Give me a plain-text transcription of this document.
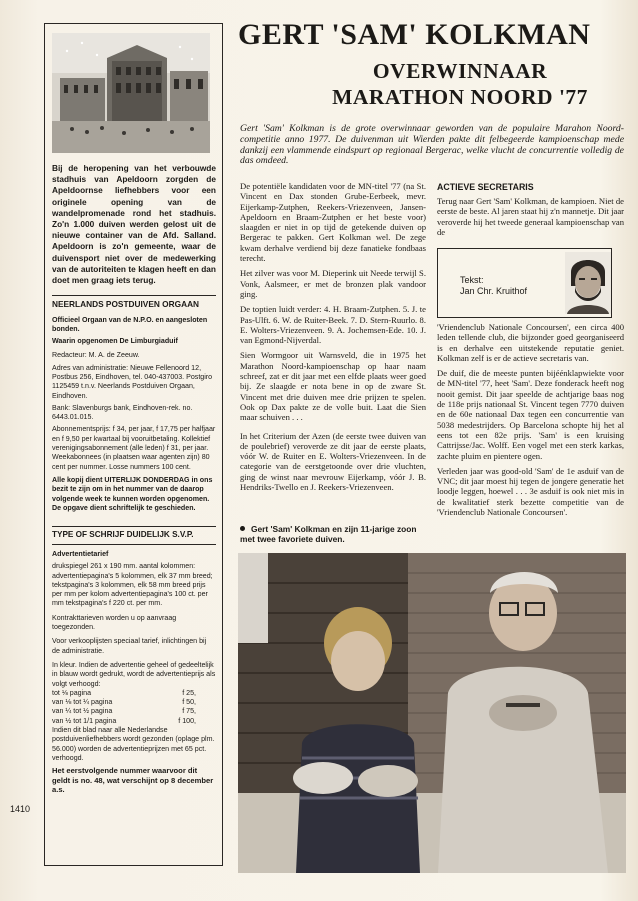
Bij de heropening van het verbouwde stadhuis van Apeldoorn zorgden de Apeldoornse liefhebbers voor een originele opening van de wandelpromenade rond het stadhuis. Zo'n 1.000 duiven werden gelost uit de nieuwe container van de Afd. Salland. Apeldoorn is zo'n gemeente, waar de duivensport niet over de medewerking van de autoriteiten te klagen heeft en dan doet men graag iets terug.
NEERLANDS POSTDUIVEN ORGAAN

Officieel Orgaan van de N.P.O. en aangesloten bonden.

Waarin opgenomen De Limburgiaduif

Redacteur: M. A. de Zeeuw.

Adres van administratie: Nieuwe Fellenoord 12, Postbus 256, Eindhoven, tel. 040-437003. Postgiro 1125459 t.n.v. Neerlands Postduiven Orgaan, Eindhoven.

Bank: Slavenburgs bank, Eindhoven-rek. no. 6443.01.015.

Abonnementsprijs: f 34, per jaar, f 17,75 per halfjaar en f 9,50 per kwartaal bij vooruitbetaling. Kollektief verenigingsabonnement (alle leden) f 31, per jaar. Weekabonnees (in plaatsen waar agenten zijn) 80 cent per nummer. Losse nummers 100 cent.

Alle kopij dient UITERLIJK DONDERDAG in ons bezit te zijn om in het nummer van de daarop volgende week te kunnen worden opgenomen. De opgave dient schriftelijk te geschieden.

TYPE OF SCHRIJF DUIDELIJK S.V.P.

Advertentietarief

drukspiegel 261 x 190 mm. aantal kolommen: advertentiepagina's 5 kolommen, elk 37 mm breed; tekstpagina's 3 kolommen, elk 58 mm breed prijs per mm per kolom advertentiepagina's 100 ct. per mm tekstpagina's f 220 ct. per mm.

Kontrakttarieven worden u op aanvraag toegezonden.

Voor verkooplijsten speciaal tarief, inlichtingen bij de administratie.

In kleur. Indien de advertentie geheel of gedeeltelijk in blauw wordt gedrukt, wordt de advertentieprijs als volgt verhoogd:

tot ⅛ pagina	f 25,
van ⅛ tot ¼ pagina	f 50,
van ¼ tot ½ pagina	f 75,
van ½ tot 1/1 pagina	f 100,

Indien dit blad naar alle Nederlandse postduivenliefhebbers wordt gezonden (oplage plm. 56.000) worden de advertentieprijzen met 65 pct. verhoogd.

Het eerstvolgende nummer waarvoor dit geldt is no. 48, wat verschijnt op 8 december a.s.

1410
GERT 'SAM' KOLKMAN
OVERWINNAAR
MARATHON NOORD '77
Gert 'Sam' Kolkman is de grote overwinnaar geworden van de populaire Marahon Noord-competitie anno 1977. De duivenman uit Wierden pakte dit felbegeerde kampioenschap mede dankzij een vlammende eindspurt op regionaal Bergerac, welke vlucht de concurrentie volledig de das omdeed.

De potentiële kandidaten voor de MN-titel '77 (na St. Vincent en Dax stonden Grube-Eerbeek, mevr. Eijerkamp-Zutphen, Reekers-Vriezenveen, Jansen-Apeldoorn en Braam-Zutphen er het beste voor) slaagden er niet in op tijd de getekende duiven op Bergerac te pakken. Gert Kolkman wel. De zege kwam derhalve verdiend bij deze fanatieke fondbaas terecht.

Het zilver was voor M. Dieperink uit Neede terwijl S. Vonk, Aalsmeer, er met de bronzen plak vandoor ging.

De toptien luidt verder: 4. H. Braam-Zutphen. 5. J. te Pas-Ulft. 6. W. de Ruiter-Beek. 7. D. Stern-Ruurlo. 8. E. Wolters-Vriezenveen. 9. A. Jochemsen-Ede. 10. J. van Egmond-Nijverdal.

Sien Wormgoor uit Warnsveld, die in 1975 het Marathon Noord-kampioenschap op haar naam schreef, zat er dit jaar met een elfde plaats weer goed bij. Ze slaagde er nota bene in op de zware St. Vincent met drie duiven mee drie prijzen te spelen. Ook op Dax pakte ze de volle buit. Laat die Sien maar schuiven . . .

In het Criterium der Azen (de eerste twee duiven van de poulebrief) veroverde ze dit jaar de eerste plaats, vóór W. de Ruiter en E. Wolters-Vriezenveen. In de categorie van de eerstgetoonde over drie vluchten, ging de winst naar mevrouw Eijerkamp, vóór J. B. Hendriks-Twello en J. Reekers-Vriezenveen.

Gert 'Sam' Kolkman en zijn 11-jarige zoon met twee favoriete duiven.
ACTIEVE SECRETARIS
Terug naar Gert 'Sam' Kolkman, de kampioen. Niet de eerste de beste. Al jaren staat hij z'n mannetje. Dit jaar veroverde hij het tweede generaal kampioenschap van de
Tekst:
Jan Chr. Kruithof

'Vriendenclub Nationale Concoursen', een circa 400 leden tellende club, die bijzonder goed georganiseerd is en derhalve een uitstekende reputatie geniet. Kolkman zelf is er de actieve secretaris van.

De duif, die de meeste punten bijéénklapwiekte voor de MN-titel '77, heet 'Sam'. Deze fonderack heeft nog nooit gemist. Dit jaar speelde de achtjarige baas nog de 118e prijs nationaal St. Vincent tegen 7770 duiven en de 60e nationaal Dax tegen een concurrentie van 5038 medestrijders. Op Barcelona schopte hij het al eens tot een 82e prijs. 'Sam' is een kruising Cattrijsse/Jac. Wolff. Een vogel met een sterk karkas, zachte pluim en pientere ogen.

Verleden jaar was good-old 'Sam' de 1e asduif van de VNC; dit jaar moest hij tegen de jongere generatie het loodje leggen, hoewel . . . 3e asduif is ook niet mis in de kwalitatief sterk bezette competitie van de 'Vriendenclub Nationale Concoursen'.
